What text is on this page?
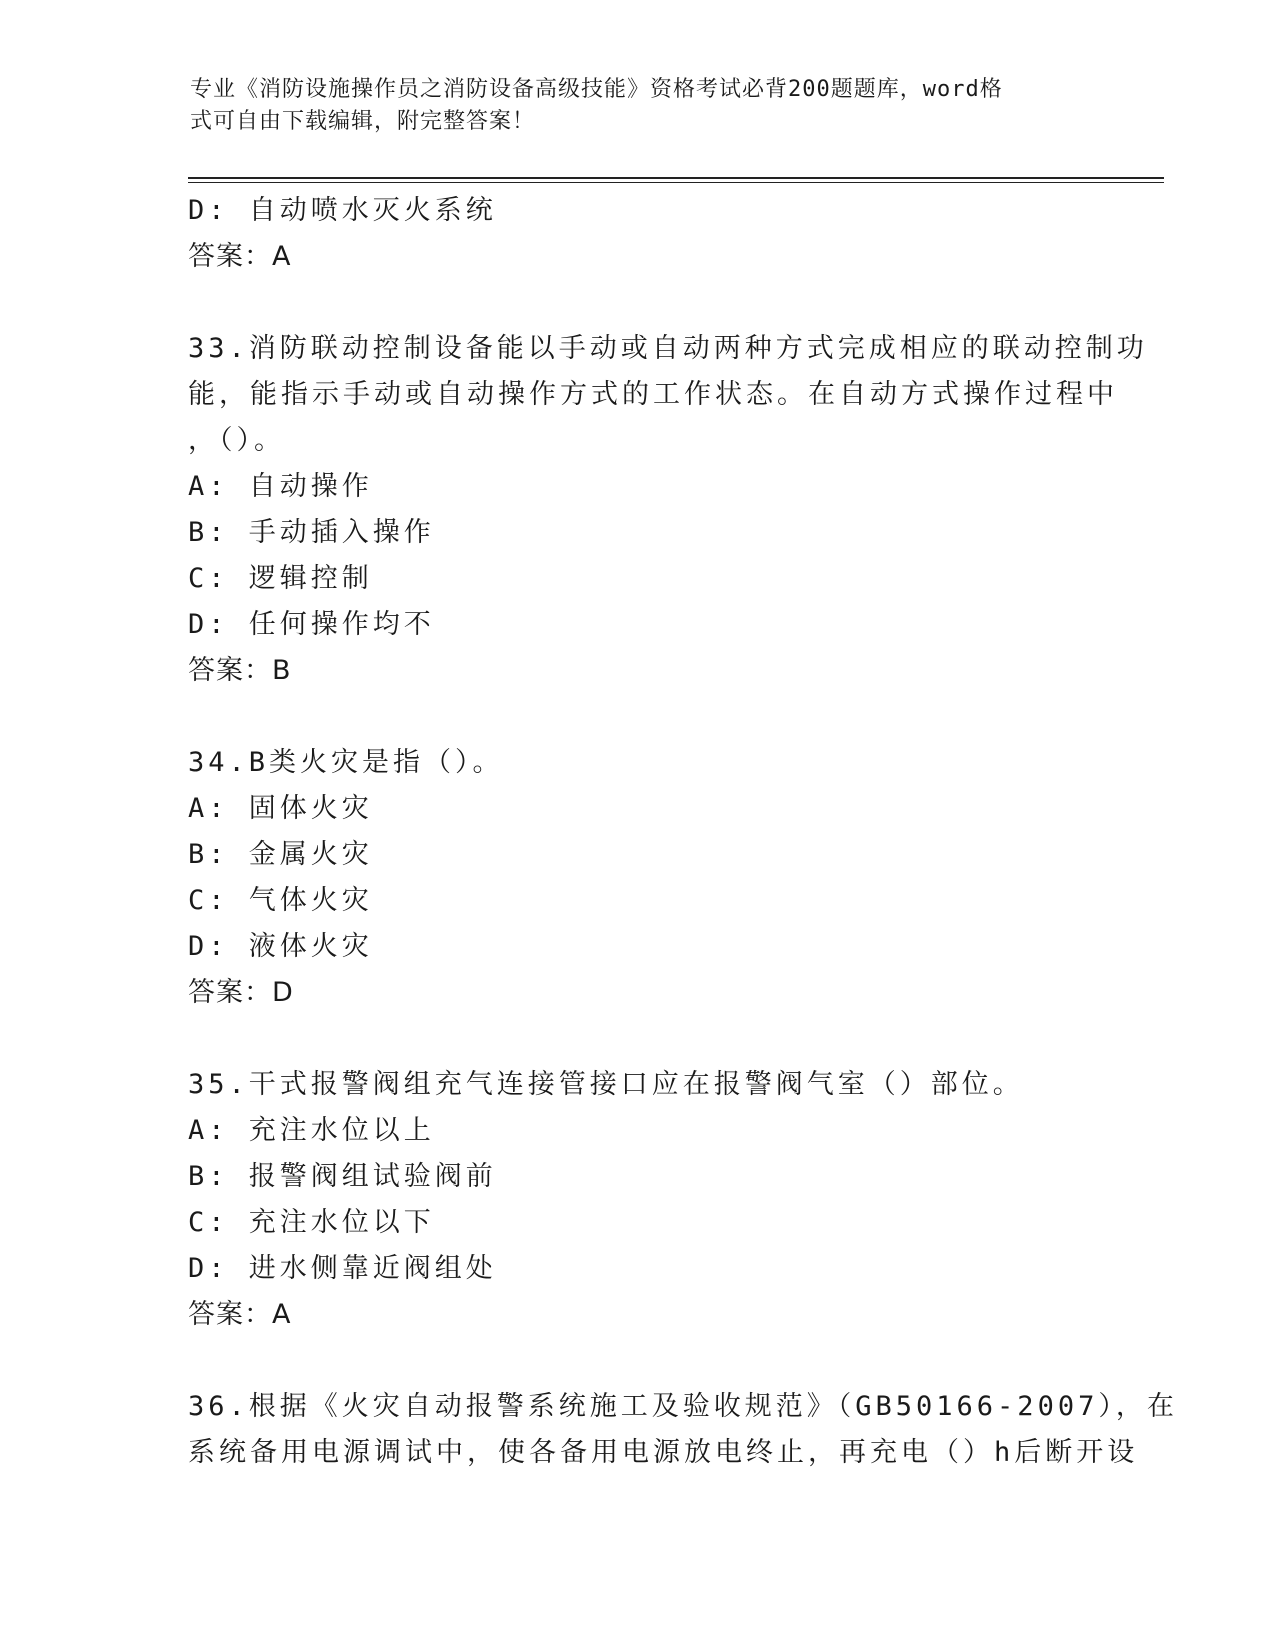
专业《消防设施操作员之消防设备高级技能》资格考试必背200题题库，word格
式可自由下载编辑，附完整答案！
D: 自动喷水灭火系统
答案：A
33.消防联动控制设备能以手动或自动两种方式完成相应的联动控制功
能，能指示手动或自动操作方式的工作状态。在自动方式操作过程中
，（）。
A: 自动操作
B: 手动插入操作
C: 逻辑控制
D: 任何操作均不
答案：B
34.B类火灾是指（）。
A: 固体火灾
B: 金属火灾
C: 气体火灾
D: 液体火灾
答案：D
35.干式报警阀组充气连接管接口应在报警阀气室（）部位。
A: 充注水位以上
B: 报警阀组试验阀前
C: 充注水位以下
D: 进水侧靠近阀组处
答案：A
36.根据《火灾自动报警系统施工及验收规范》（GB50166-2007），在
系统备用电源调试中，使各备用电源放电终止，再充电（）h后断开设
